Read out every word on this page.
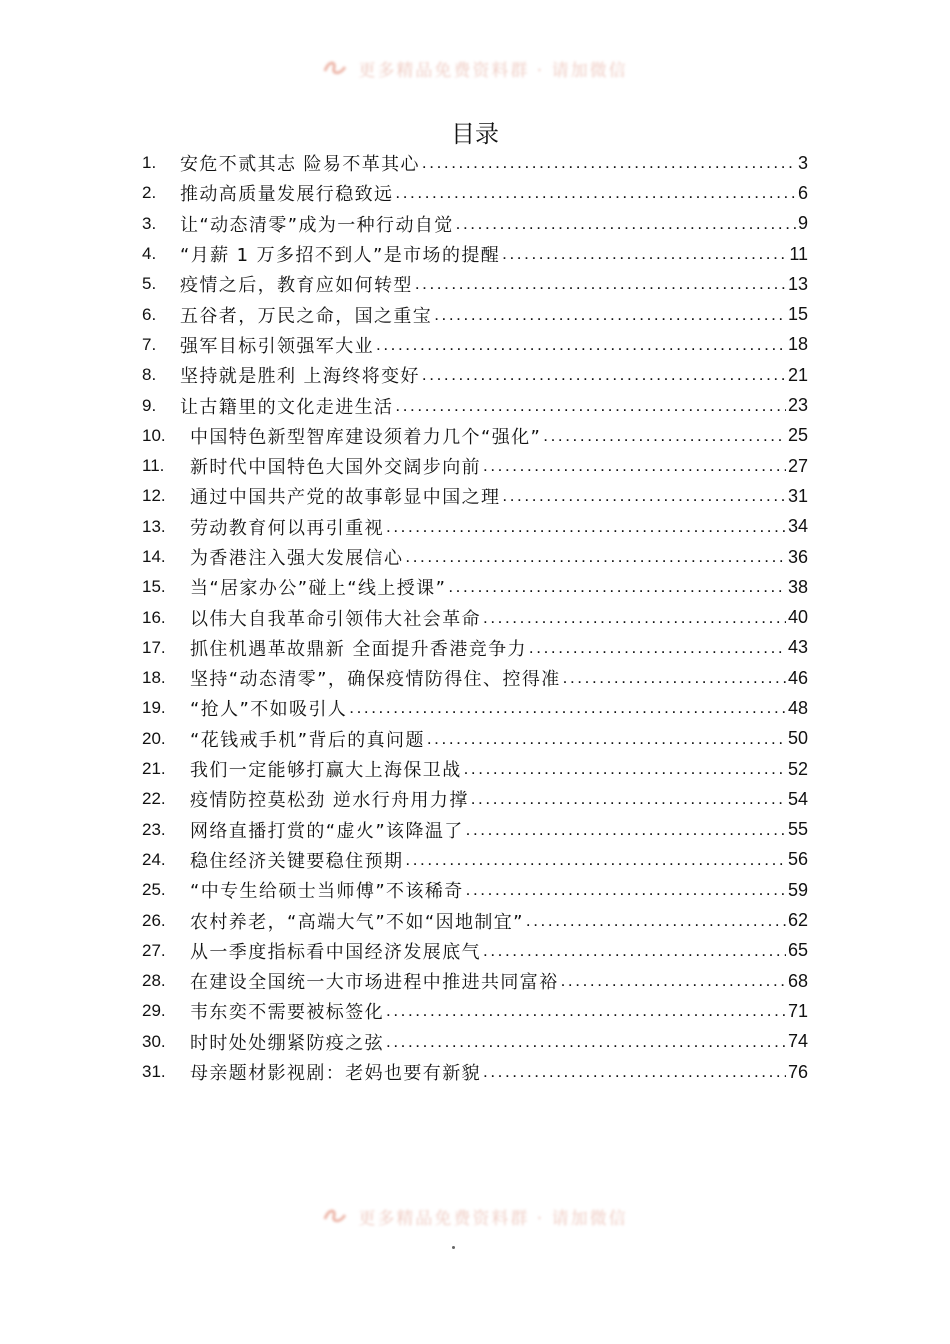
更多精品免费资料群 · 请加微信
目录
1.	安危不贰其志 险易不革其心 .....	3
2.	推动高质量发展行稳致远 .....	6
3.	让“动态清零”成为一种行动自觉 .....	9
4.	“月薪 1 万多招不到人”是市场的提醒 .....	11
5.	疫情之后，教育应如何转型 .....	13
6.	五谷者，万民之命，国之重宝 .....	15
7.	强军目标引领强军大业 .....	18
8.	坚持就是胜利 上海终将变好 .....	21
9.	让古籍里的文化走进生活 .....	23
10.	中国特色新型智库建设须着力几个“强化” .....	25
11.	新时代中国特色大国外交阔步向前 .....	27
12.	通过中国共产党的故事彰显中国之理 .....	31
13.	劳动教育何以再引重视 .....	34
14.	为香港注入强大发展信心 .....	36
15.	当“居家办公”碰上“线上授课” .....	38
16.	以伟大自我革命引领伟大社会革命 .....	40
17.	抓住机遇革故鼎新 全面提升香港竞争力 .....	43
18.	坚持“动态清零”，确保疫情防得住、控得准 .....	46
19.	“抢人”不如吸引人 .....	48
20.	“花钱戒手机”背后的真问题 .....	50
21.	我们一定能够打赢大上海保卫战 .....	52
22.	疫情防控莫松劲 逆水行舟用力撑 .....	54
23.	网络直播打赏的“虚火”该降温了 .....	55
24.	稳住经济关键要稳住预期 .....	56
25.	“中专生给硕士当师傅”不该稀奇 .....	59
26.	农村养老，“高端大气”不如“因地制宜” .....	62
27.	从一季度指标看中国经济发展底气 .....	65
28.	在建设全国统一大市场进程中推进共同富裕 .....	68
29.	韦东奕不需要被标签化 .....	71
30.	时时处处绷紧防疫之弦 .....	74
31.	母亲题材影视剧：老妈也要有新貌 .....	76
更多精品免费资料群 · 请加微信
